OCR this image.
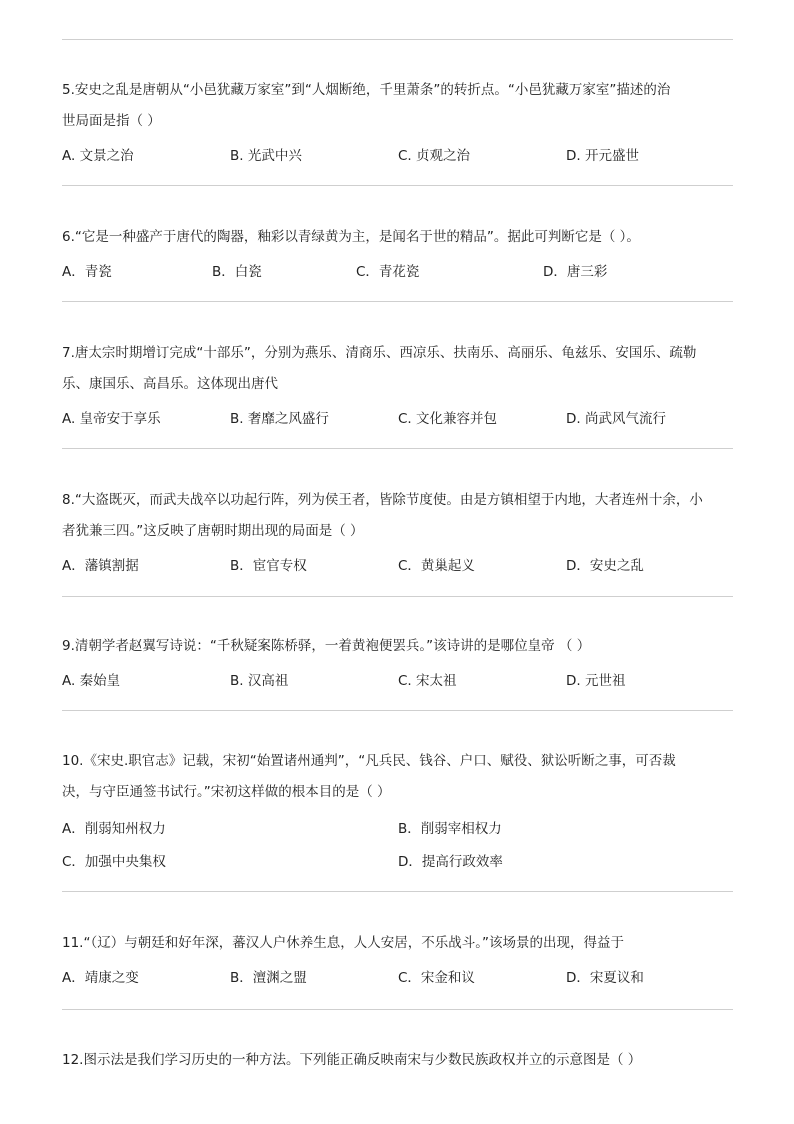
5.安史之乱是唐朝从“小邑犹藏万家室”到“人烟断绝，千里萧条”的转折点。“小邑犹藏万家室”描述的治
世局面是指（ ）
A. 文景之治	B. 光武中兴	C. 贞观之治	D. 开元盛世
6.“它是一种盛产于唐代的陶器，釉彩以青绿黄为主，是闻名于世的精品”。据此可判断它是（ ）。
A．青瓷	B．白瓷	C．青花瓷	D．唐三彩
7.唐太宗时期增订完成“十部乐”，分别为燕乐、清商乐、西凉乐、扶南乐、高丽乐、龟兹乐、安国乐、疏勒
乐、康国乐、高昌乐。这体现出唐代
A. 皇帝安于享乐	B. 奢靡之风盛行	C. 文化兼容并包	D. 尚武风气流行
8.“大盗既灭，而武夫战卒以功起行阵，列为侯王者，皆除节度使。由是方镇相望于内地，大者连州十余，小
者犹兼三四。”这反映了唐朝时期出现的局面是（ ）
A．藩镇割据	B．宦官专权	C．黄巢起义	D．安史之乱
9.清朝学者赵翼写诗说：“千秋疑案陈桥驿，一着黄袍便罢兵。”该诗讲的是哪位皇帝 （ ）
A. 秦始皇	B. 汉高祖	C. 宋太祖	D. 元世祖
10.《宋史.职官志》记载，宋初“始置诸州通判”，“凡兵民、钱谷、户口、赋役、狱讼听断之事，可否裁
决，与守臣通签书试行。”宋初这样做的根本目的是（ ）
A．削弱知州权力	B．削弱宰相权力
C．加强中央集权	D．提高行政效率
11.“（辽）与朝廷和好年深，蕃汉人户休养生息，人人安居，不乐战斗。”该场景的出现，得益于
A．靖康之变	B．澶渊之盟	C．宋金和议	D．宋夏议和
12.图示法是我们学习历史的一种方法。下列能正确反映南宋与少数民族政权并立的示意图是（ ）
